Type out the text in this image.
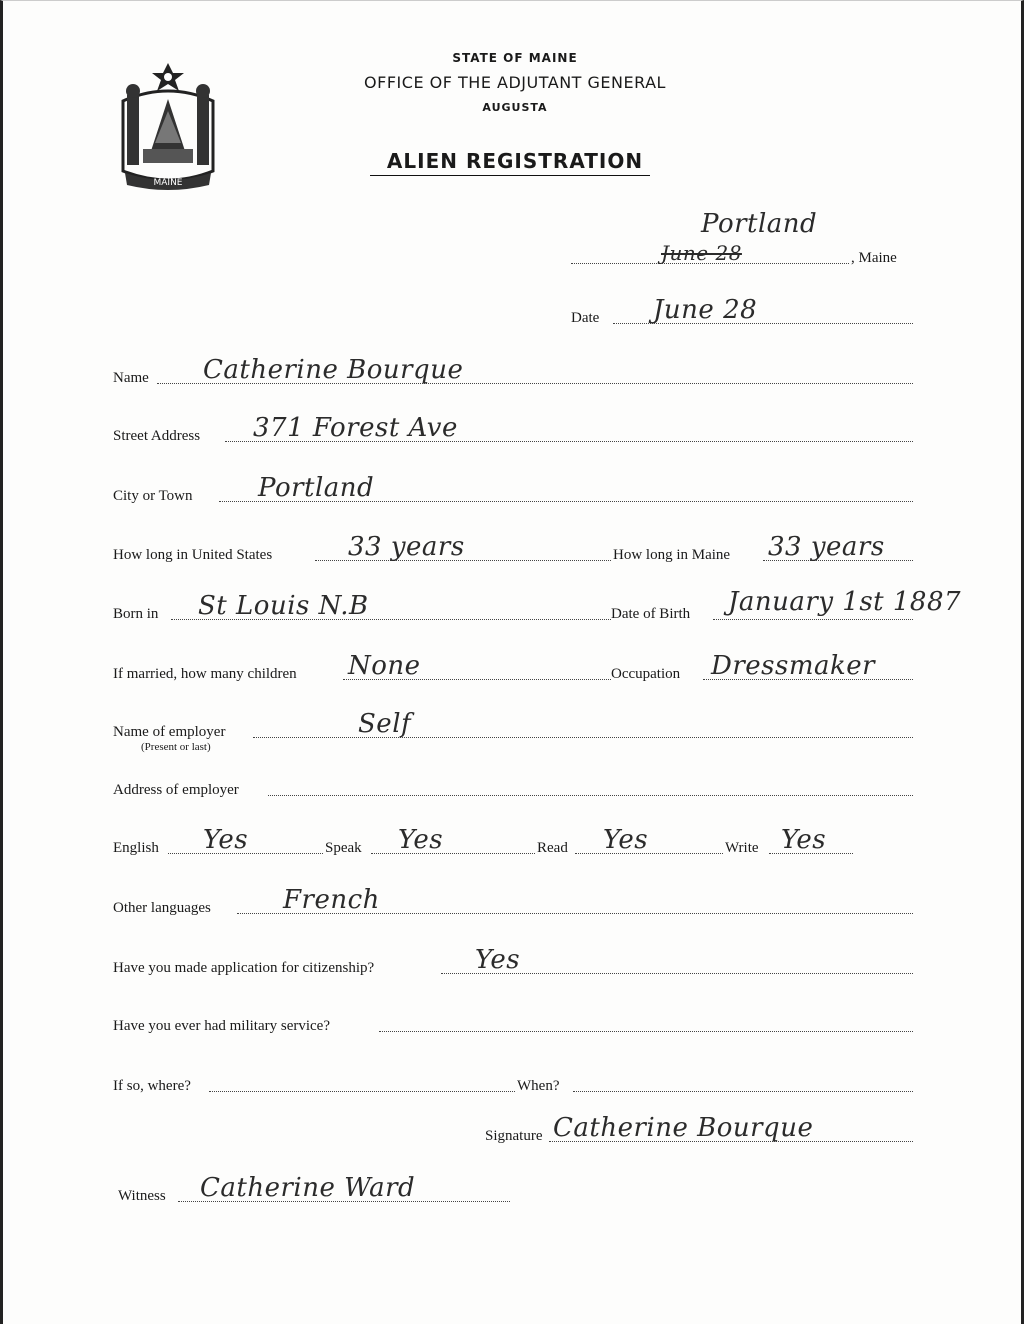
MAINE
STATE OF MAINE
OFFICE OF THE ADJUTANT GENERAL
AUGUSTA
ALIEN REGISTRATION
Portland
June 28	, Maine
Date June 28
Name Catherine Bourque
Street Address 371 Forest Ave
City or Town	Portland
How long in United States	33 years	How long in Maine 33 years
Born in St Louis N.B	Date of Birth January 1st 1887
If married, how many children None	Occupation Dressmaker
Name of employer	Self
(Present or last)
Address of employer
English Yes	Speak Yes	Read Yes	Write Yes
Other languages	French
Have you made application for citizenship?	Yes
Have you ever had military service?
If so, where?	When?
Signature Catherine Bourque
Witness Catherine Ward
